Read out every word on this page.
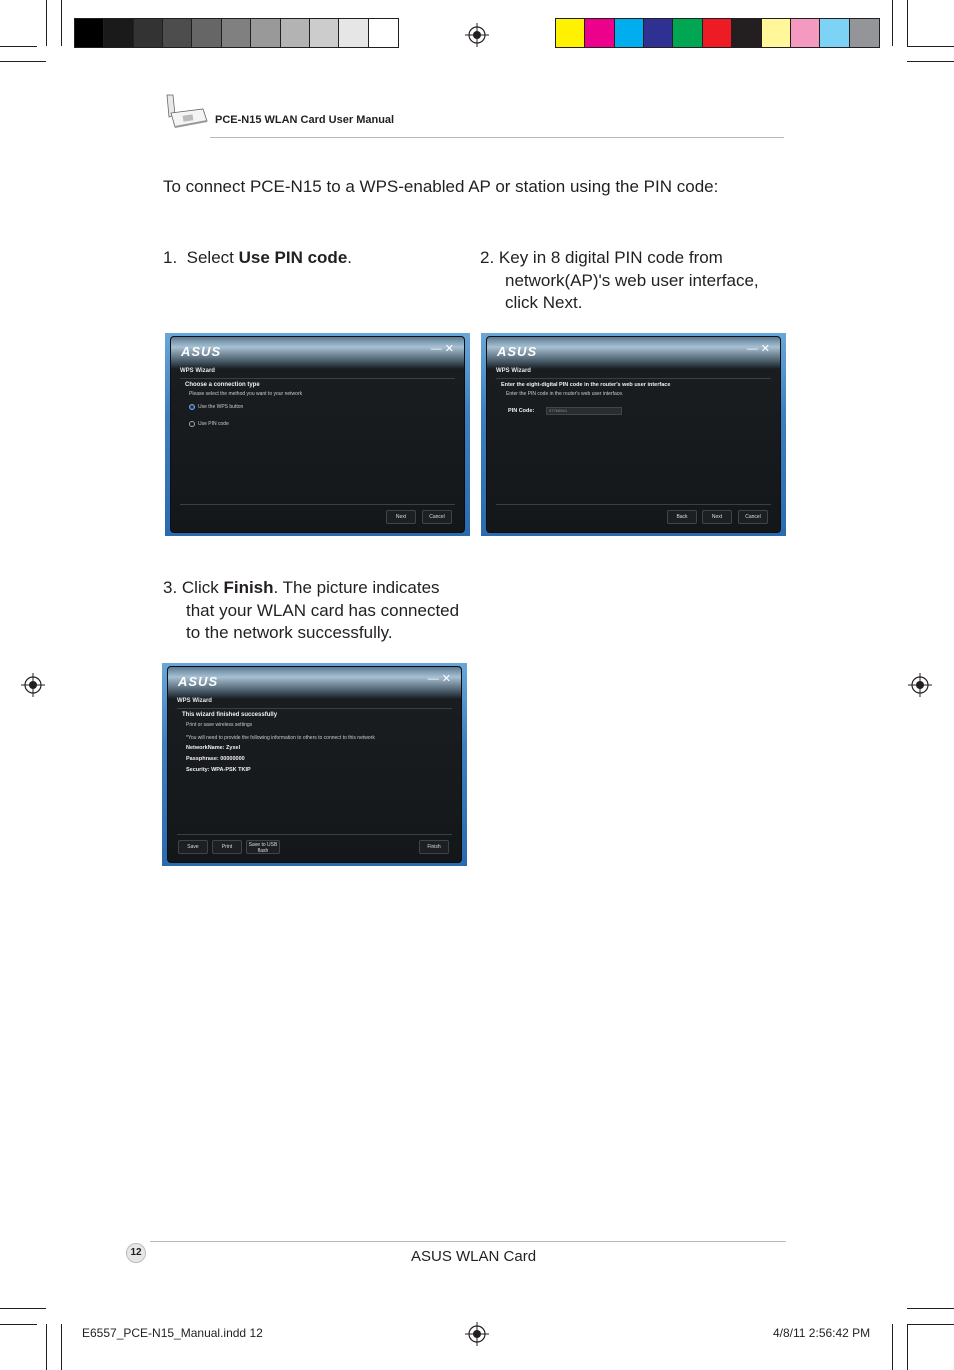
PCE-N15 WLAN Card User Manual
To connect PCE-N15 to a WPS-enabled AP or station using the PIN code:
1. Select Use PIN code.	2. Key in 8 digital PIN code from
network(AP)'s web user interface,
click Next.
ASUS	— ✕
WPS Wizard
Choose a connection type
Please select the method you want to your network
Use the WPS button
Use PIN code
Next	Cancel
ASUS	— ✕
WPS Wizard
Enter the eight-digital PIN code in the router's web user interface
Enter the PIN code in the router's web user interface.
PIN Code:	57788944
Back	Next	Cancel
3. Click Finish. The picture indicates
that your WLAN card has connected
to the network successfully.
ASUS	— ✕
WPS Wizard
This wizard finished successfully
Print or save wireless settings
*You will need to provide the following information to others to connect to this network
NetworkName: Zyxel
Passphrase: 00000000
Security: WPA-PSK TKIP
Save	Print	Save to USB
flash
Finish
12	ASUS WLAN Card
E6557_PCE-N15_Manual.indd 12	4/8/11 2:56:42 PM
